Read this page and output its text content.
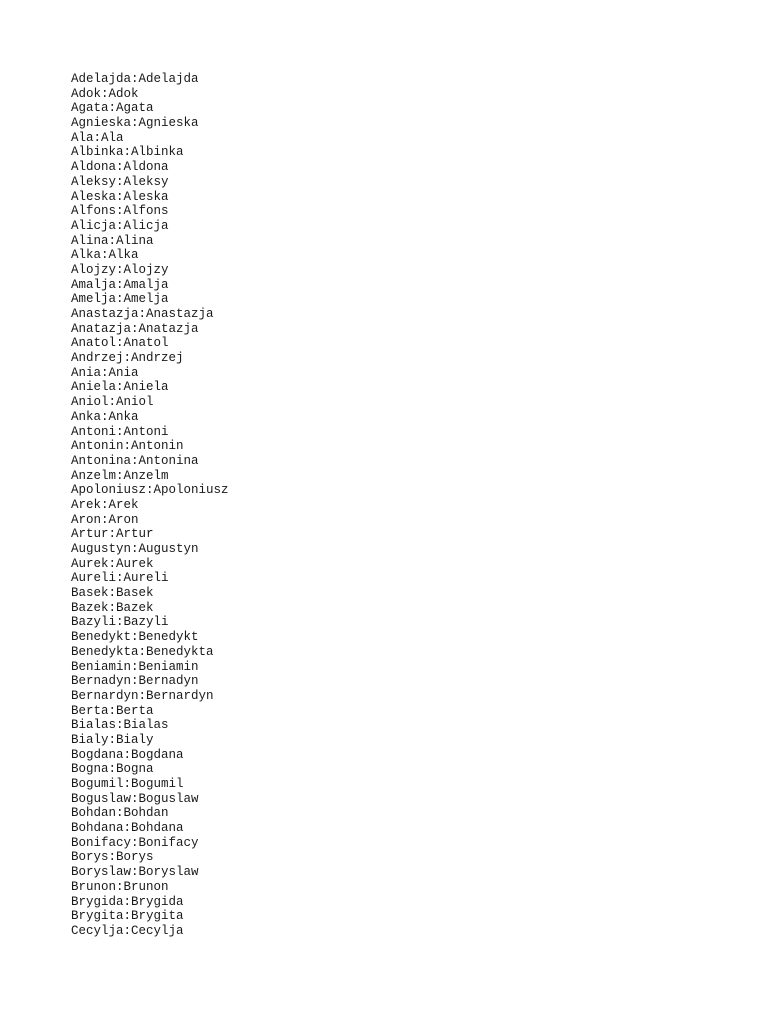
Adelajda:Adelajda
Adok:Adok
Agata:Agata
Agnieska:Agnieska
Ala:Ala
Albinka:Albinka
Aldona:Aldona
Aleksy:Aleksy
Aleska:Aleska
Alfons:Alfons
Alicja:Alicja
Alina:Alina
Alka:Alka
Alojzy:Alojzy
Amalja:Amalja
Amelja:Amelja
Anastazja:Anastazja
Anatazja:Anatazja
Anatol:Anatol
Andrzej:Andrzej
Ania:Ania
Aniela:Aniela
Aniol:Aniol
Anka:Anka
Antoni:Antoni
Antonin:Antonin
Antonina:Antonina
Anzelm:Anzelm
Apoloniusz:Apoloniusz
Arek:Arek
Aron:Aron
Artur:Artur
Augustyn:Augustyn
Aurek:Aurek
Aureli:Aureli
Basek:Basek
Bazek:Bazek
Bazyli:Bazyli
Benedykt:Benedykt
Benedykta:Benedykta
Beniamin:Beniamin
Bernadyn:Bernadyn
Bernardyn:Bernardyn
Berta:Berta
Bialas:Bialas
Bialy:Bialy
Bogdana:Bogdana
Bogna:Bogna
Bogumil:Bogumil
Boguslaw:Boguslaw
Bohdan:Bohdan
Bohdana:Bohdana
Bonifacy:Bonifacy
Borys:Borys
Boryslaw:Boryslaw
Brunon:Brunon
Brygida:Brygida
Brygita:Brygita
Cecylja:Cecylja
